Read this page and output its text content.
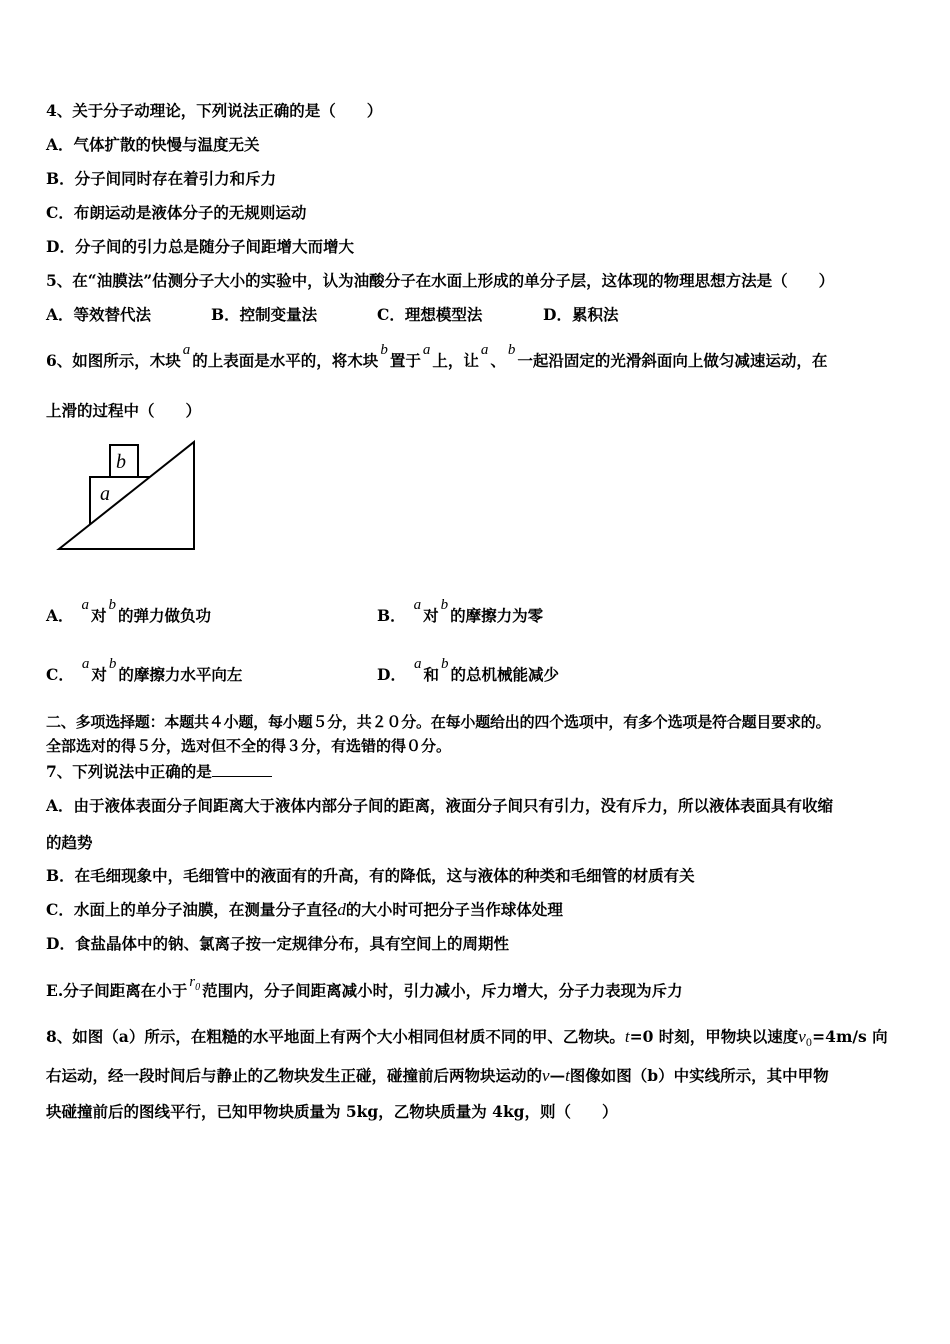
4、关于分子动理论，下列说法正确的是（　　）
A．气体扩散的快慢与温度无关
B．分子间同时存在着引力和斥力
C．布朗运动是液体分子的无规则运动
D．分子间的引力总是随分子间距增大而增大
5、在“油膜法”估测分子大小的实验中，认为油酸分子在水面上形成的单分子层，这体现的物理思想方法是（　　）
A．等效替代法	B．控制变量法	C．理想模型法	D．累积法
6、如图所示，木块a的上表面是水平的，将木块b置于a上，让a、b一起沿固定的光滑斜面向上做匀减速运动，在
上滑的过程中（　　）
b
a
A．a对b的弹力做负功	B．a对b的摩擦力为零
C．a对b的摩擦力水平向左	D．a和b的总机械能减少
二、多项选择题：本题共４小题，每小题５分，共２０分。在每小题给出的四个选项中，有多个选项是符合题目要求的。
全部选对的得５分，选对但不全的得３分，有选错的得０分。
7、下列说法中正确的是
A．由于液体表面分子间距离大于液体内部分子间的距离，液面分子间只有引力，没有斥力，所以液体表面具有收缩
的趋势
B．在毛细现象中，毛细管中的液面有的升高，有的降低，这与液体的种类和毛细管的材质有关
C．水面上的单分子油膜，在测量分子直径d的大小时可把分子当作球体处理
D．食盐晶体中的钠、氯离子按一定规律分布，具有空间上的周期性
E.分子间距离在小于 $r_0$ 范围内，分子间距离减小时，引力减小，斥力增大，分子力表现为斥力
8、如图（a）所示，在粗糙的水平地面上有两个大小相同但材质不同的甲、乙物块。t=0 时刻，甲物块以速度$v_0=4m/s$ 向
右运动，经一段时间后与静止的乙物块发生正碰，碰撞前后两物块运动的v—t图像如图（b）中实线所示，其中甲物
块碰撞前后的图线平行，已知甲物块质量为 5kg，乙物块质量为 4kg，则（　　）
